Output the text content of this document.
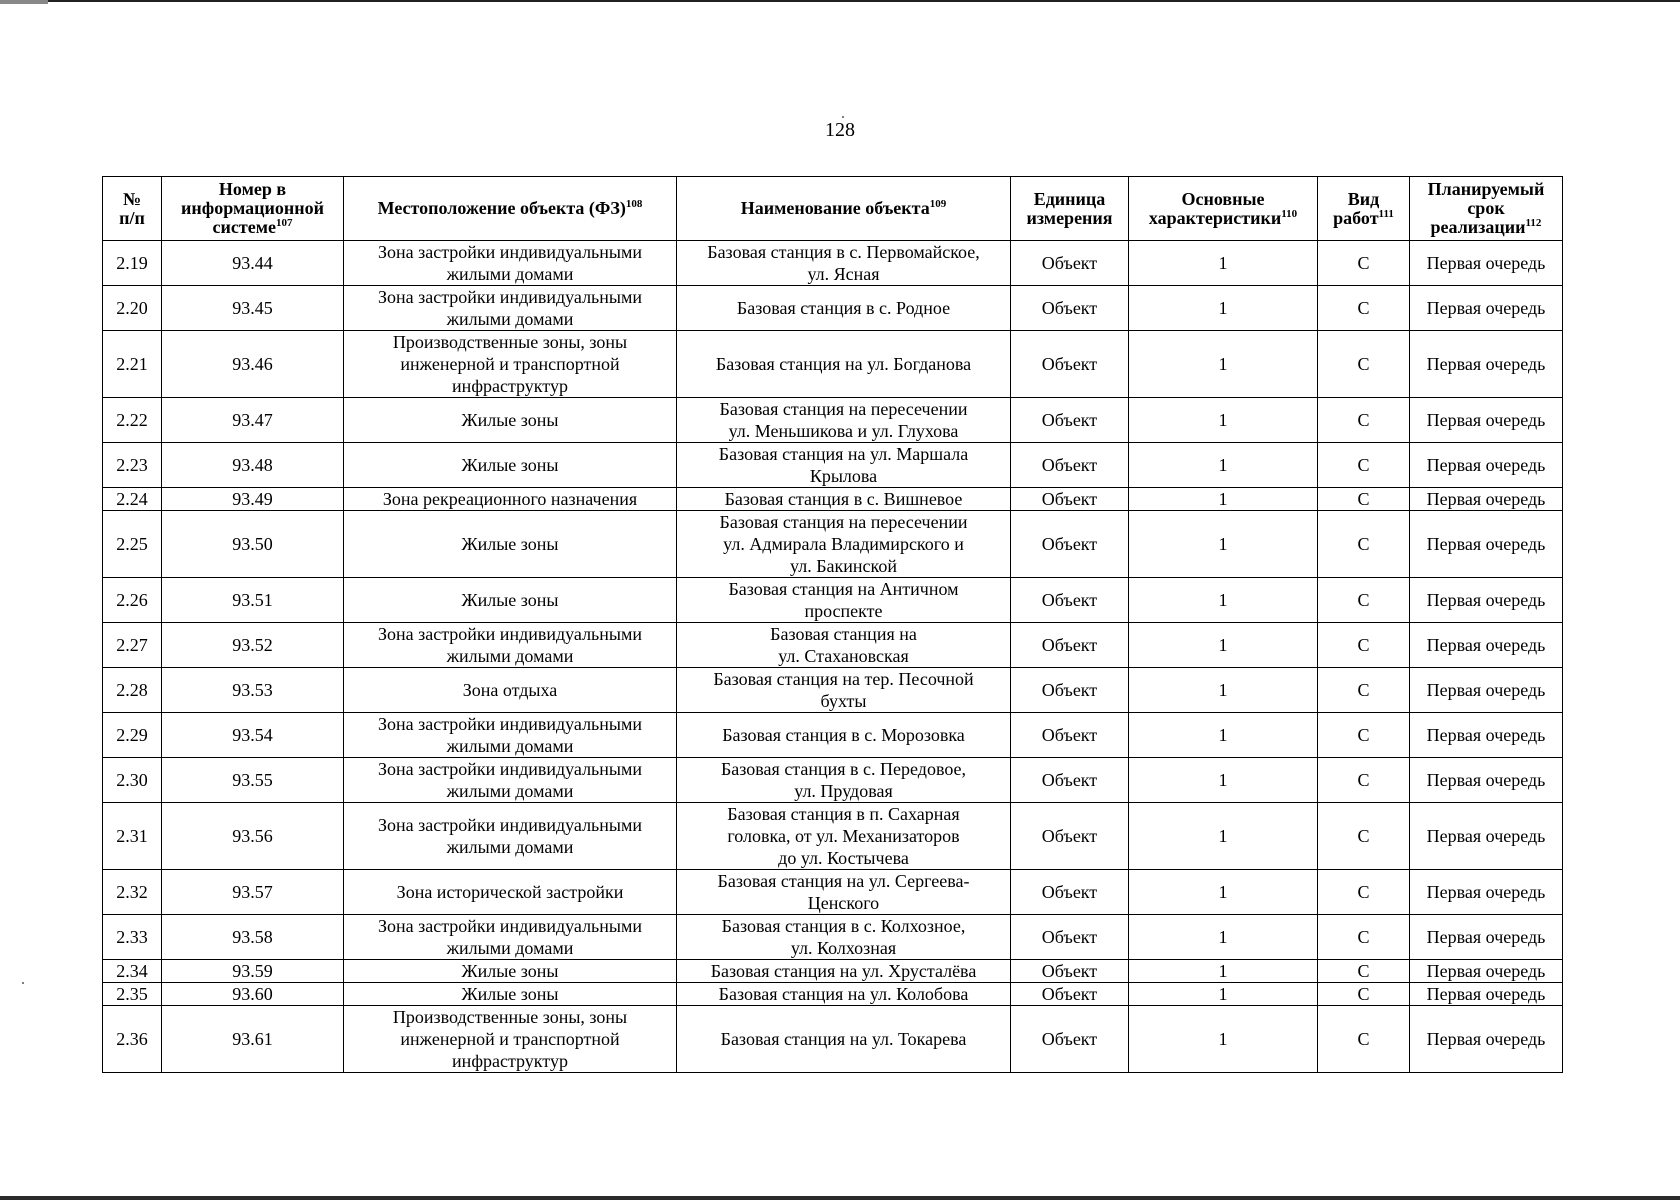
128
№
п/п	Номер в
информационной
системе$^{107}$	Местоположение объекта (ФЗ)$^{108}$	Наименование объекта$^{109}$	Единица
измерения	Основные
характеристики$^{110}$	Вид
работ$^{111}$	Планируемый
срок
реализации$^{112}$

2.19	93.44	Зона застройки индивидуальными
жилыми домами	Базовая станция в с. Первомайское,
ул. Ясная	Объект	1	С	Первая очередь
2.20	93.45	Зона застройки индивидуальными
жилыми домами	Базовая станция в с. Родное	Объект	1	С	Первая очередь
2.21	93.46	Производственные зоны, зоны
инженерной и транспортной
инфраструктур	Базовая станция на ул. Богданова	Объект	1	С	Первая очередь
2.22	93.47	Жилые зоны	Базовая станция на пересечении
ул. Меньшикова и ул. Глухова	Объект	1	С	Первая очередь
2.23	93.48	Жилые зоны	Базовая станция на ул. Маршала
Крылова	Объект	1	С	Первая очередь
2.24	93.49	Зона рекреационного назначения	Базовая станция в с. Вишневое	Объект	1	С	Первая очередь
2.25	93.50	Жилые зоны	Базовая станция на пересечении
ул. Адмирала Владимирского и
ул. Бакинской	Объект	1	С	Первая очередь
2.26	93.51	Жилые зоны	Базовая станция на Античном
проспекте	Объект	1	С	Первая очередь
2.27	93.52	Зона застройки индивидуальными
жилыми домами	Базовая станция на
ул. Стахановская	Объект	1	С	Первая очередь
2.28	93.53	Зона отдыха	Базовая станция на тер. Песочной
бухты	Объект	1	С	Первая очередь
2.29	93.54	Зона застройки индивидуальными
жилыми домами	Базовая станция в с. Морозовка	Объект	1	С	Первая очередь
2.30	93.55	Зона застройки индивидуальными
жилыми домами	Базовая станция в с. Передовое,
ул. Прудовая	Объект	1	С	Первая очередь
2.31	93.56	Зона застройки индивидуальными
жилыми домами	Базовая станция в п. Сахарная
головка, от ул. Механизаторов
до ул. Костычева	Объект	1	С	Первая очередь
2.32	93.57	Зона исторической застройки	Базовая станция на ул. Сергеева-
Ценского	Объект	1	С	Первая очередь
2.33	93.58	Зона застройки индивидуальными
жилыми домами	Базовая станция в с. Колхозное,
ул. Колхозная	Объект	1	С	Первая очередь
2.34	93.59	Жилые зоны	Базовая станция на ул. Хрусталёва	Объект	1	С	Первая очередь
2.35	93.60	Жилые зоны	Базовая станция на ул. Колобова	Объект	1	С	Первая очередь
2.36	93.61	Производственные зоны, зоны
инженерной и транспортной
инфраструктур	Базовая станция на ул. Токарева	Объект	1	С	Первая очередь
